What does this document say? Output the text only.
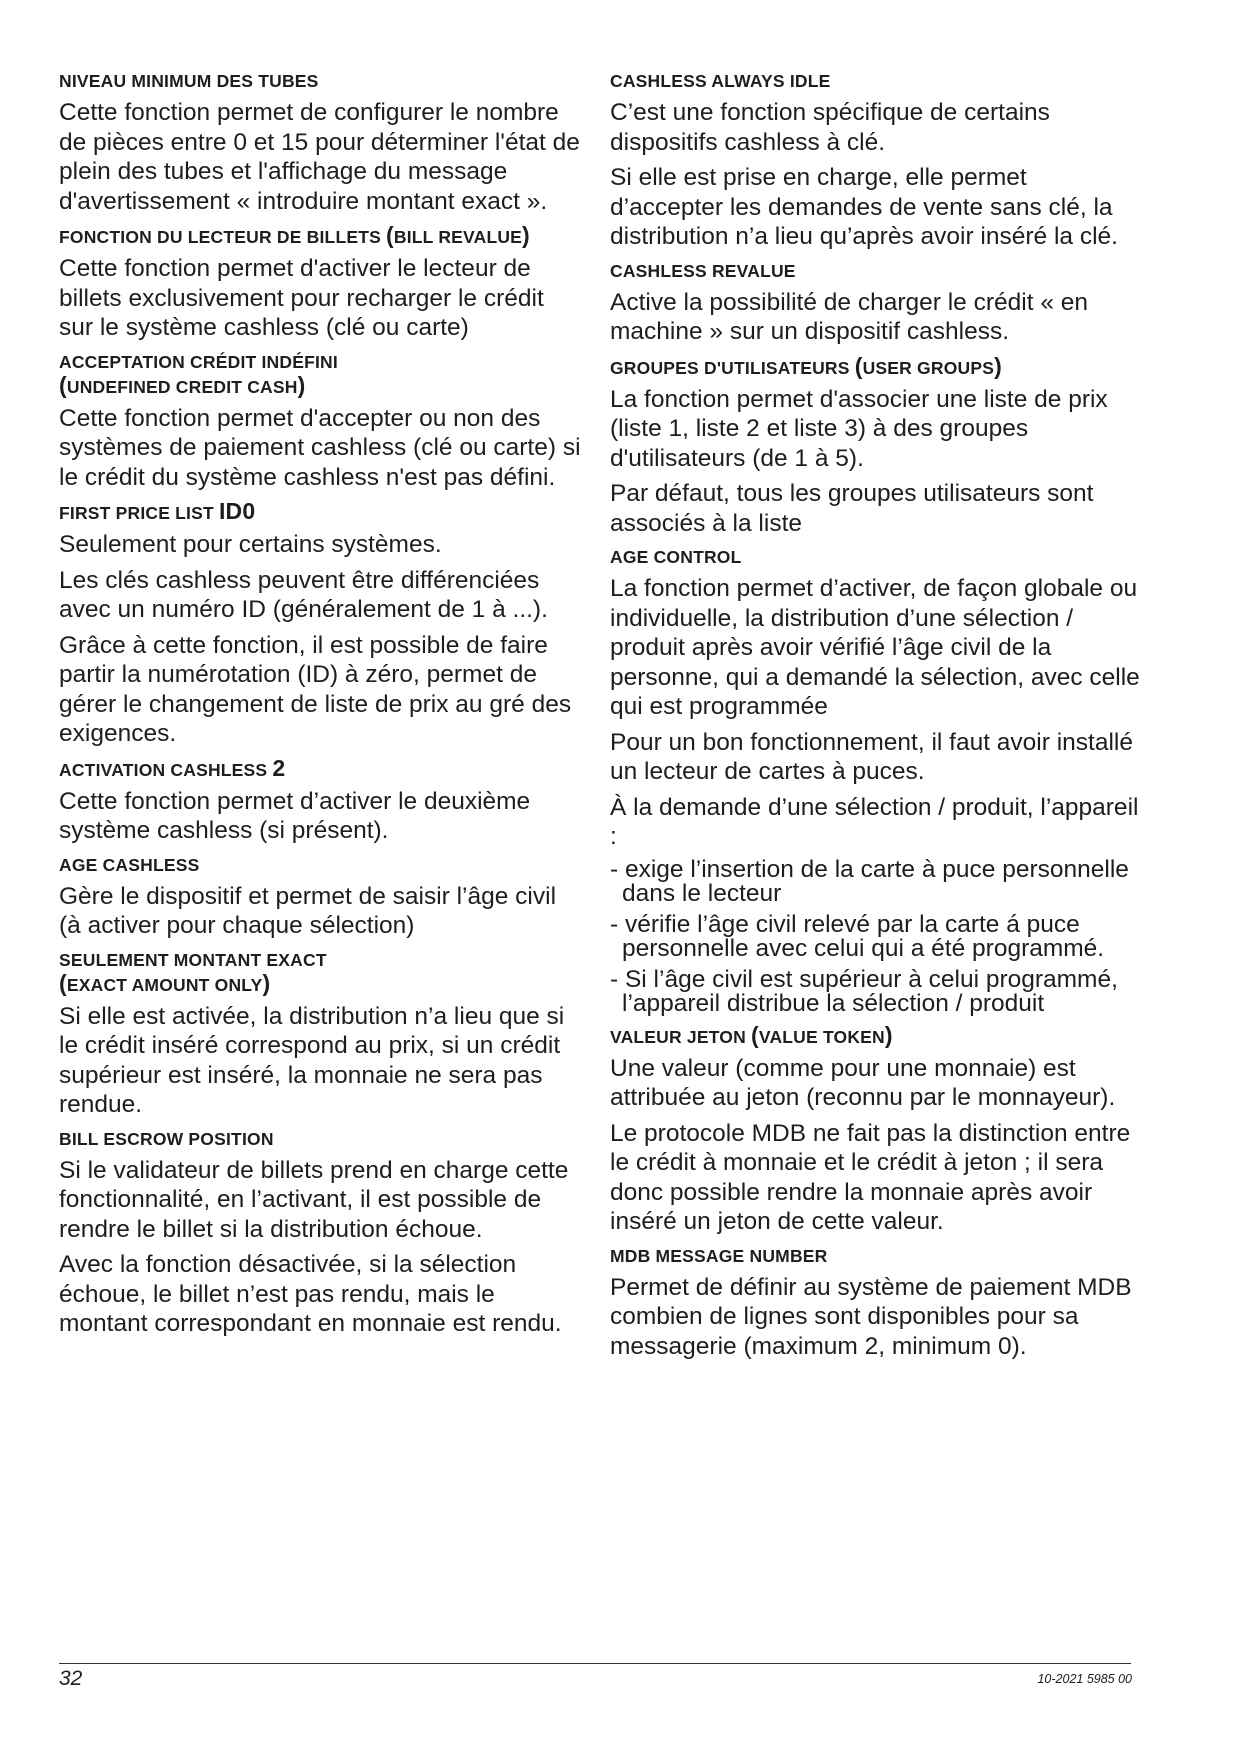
NIVEAU MINIMUM DES TUBES

Cette fonction permet de configurer le nombre de pièces entre 0 et 15 pour déterminer l'état de plein des tubes et l'affichage du message d'avertissement « introduire montant exact ».

FONCTION DU LECTEUR DE BILLETS (BILL REVALUE)

Cette fonction permet d'activer le lecteur de billets exclusivement pour recharger le crédit sur le système cashless (clé ou carte)

ACCEPTATION CRÉDIT INDÉFINI
(UNDEFINED CREDIT CASH)

Cette fonction permet d'accepter ou non des systèmes de paiement cashless (clé ou carte) si le crédit du système cashless n'est pas défini.

FIRST PRICE LIST ID0

Seulement pour certains systèmes.

Les clés cashless peuvent être différenciées avec un numéro ID (généralement de 1 à ...).

Grâce à cette fonction, il est possible de faire partir la numérotation (ID) à zéro, permet de gérer le changement de liste de prix au gré des exigences.

ACTIVATION CASHLESS 2

Cette fonction permet d’activer le deuxième système cashless (si présent).

AGE CASHLESS

Gère le dispositif et permet de saisir l’âge civil (à activer pour chaque sélection)

SEULEMENT MONTANT EXACT
(EXACT AMOUNT ONLY)

Si elle est activée, la distribution n’a lieu que si le crédit inséré correspond au prix, si un crédit supérieur est inséré, la monnaie ne sera pas rendue.

BILL ESCROW POSITION

Si le validateur de billets prend en charge cette fonctionnalité, en l’activant, il est possible de rendre le billet si la distribution échoue.

Avec la fonction désactivée, si la sélection échoue, le billet n’est pas rendu, mais le montant correspondant en monnaie est rendu.

CASHLESS ALWAYS IDLE

C’est une fonction spécifique de certains dispositifs cashless à clé.

Si elle est prise en charge, elle permet d’accepter les demandes de vente sans clé, la distribution n’a lieu qu’après avoir inséré la clé.

CASHLESS REVALUE

Active la possibilité de charger le crédit « en machine » sur un dispositif cashless.

GROUPES D'UTILISATEURS (USER GROUPS)

La fonction permet d'associer une liste de prix (liste 1, liste 2 et liste 3) à des groupes d'utilisateurs (de 1 à 5).

Par défaut, tous les groupes utilisateurs sont associés à la liste

AGE CONTROL

La fonction permet d’activer, de façon globale ou individuelle, la distribution d’une sélection / produit après avoir vérifié l’âge civil de la personne, qui a demandé la sélection, avec celle qui est programmée

Pour un bon fonctionnement, il faut avoir installé un lecteur de cartes à puces.

À la demande d’une sélection / produit, l’appareil :

- exige l’insertion de la carte à puce personnelle dans le lecteur
- vérifie l’âge civil relevé par la carte á puce personnelle avec celui qui a été programmé.
- Si l’âge civil est supérieur à celui programmé, l’appareil distribue la sélection / produit
VALEUR JETON (VALUE TOKEN)

Une valeur (comme pour une monnaie) est attribuée au jeton (reconnu par le monnayeur).

Le protocole MDB ne fait pas la distinction entre le crédit à monnaie et le crédit à jeton ; il sera donc possible rendre la monnaie après avoir inséré un jeton de cette valeur.

MDB MESSAGE NUMBER

Permet de définir au système de paiement MDB combien de lignes sont disponibles pour sa messagerie (maximum 2, minimum 0).

32	10-2021 5985 00
